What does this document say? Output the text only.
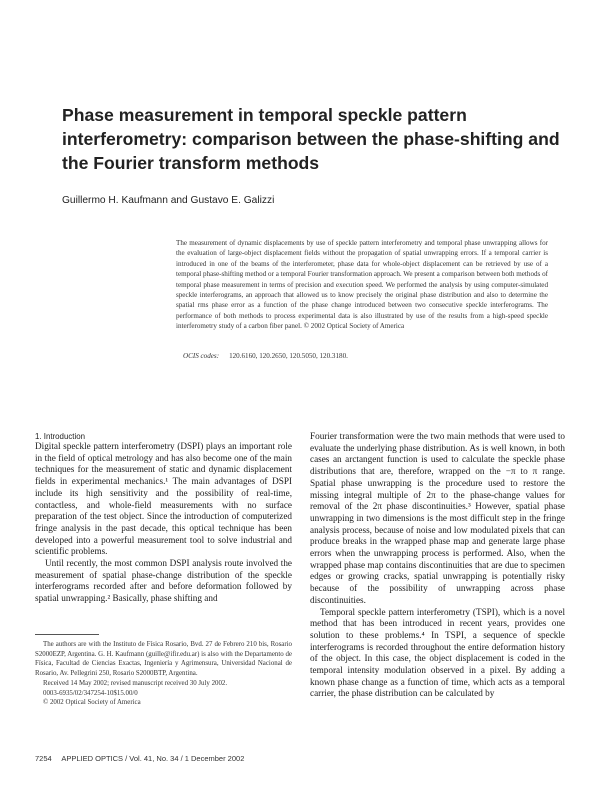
Phase measurement in temporal speckle pattern interferometry: comparison between the phase-shifting and the Fourier transform methods
Guillermo H. Kaufmann and Gustavo E. Galizzi

The measurement of dynamic displacements by use of speckle pattern interferometry and temporal phase unwrapping allows for the evaluation of large-object displacement fields without the propagation of spatial unwrapping errors. If a temporal carrier is introduced in one of the beams of the interferometer, phase data for whole-object displacement can be retrieved by use of a temporal phase-shifting method or a temporal Fourier transformation approach. We present a comparison between both methods of temporal phase measurement in terms of precision and execution speed. We performed the analysis by using computer-simulated speckle interferograms, an approach that allowed us to know precisely the original phase distribution and also to determine the spatial rms phase error as a function of the phase change introduced between two consecutive speckle interferograms. The performance of both methods to process experimental data is also illustrated by use of the results from a high-speed speckle interferometry study of a carbon fiber panel. © 2002 Optical Society of America

OCIS codes: 120.6160, 120.2650, 120.5050, 120.3180.
1. Introduction

Digital speckle pattern interferometry (DSPI) plays an important role in the field of optical metrology and has also become one of the main techniques for the measurement of static and dynamic displacement fields in experimental mechanics.¹ The main advantages of DSPI include its high sensitivity and the possibility of real-time, contactless, and whole-field measurements with no surface preparation of the test object. Since the introduction of computerized fringe analysis in the past decade, this optical technique has been developed into a powerful measurement tool to solve industrial and scientific problems.

Until recently, the most common DSPI analysis route involved the measurement of spatial phase-change distribution of the speckle interferograms recorded after and before deformation followed by spatial unwrapping.² Basically, phase shifting and

Fourier transformation were the two main methods that were used to evaluate the underlying phase distribution. As is well known, in both cases an arctangent function is used to calculate the speckle phase distributions that are, therefore, wrapped on the −π to π range. Spatial phase unwrapping is the procedure used to restore the missing integral multiple of 2π to the phase-change values for removal of the 2π phase discontinuities.³ However, spatial phase unwrapping in two dimensions is the most difficult step in the fringe analysis process, because of noise and low modulated pixels that can produce breaks in the wrapped phase map and generate large phase errors when the unwrapping process is performed. Also, when the wrapped phase map contains discontinuities that are due to specimen edges or growing cracks, spatial unwrapping is potentially risky because of the possibility of unwrapping across phase discontinuities.

Temporal speckle pattern interferometry (TSPI), which is a novel method that has been introduced in recent years, provides one solution to these problems.⁴ In TSPI, a sequence of speckle interferograms is recorded throughout the entire deformation history of the object. In this case, the object displacement is coded in the temporal intensity modulation observed in a pixel. By adding a known phase change as a function of time, which acts as a temporal carrier, the phase distribution can be calculated by

The authors are with the Instituto de Física Rosario, Bvd. 27 de Febrero 210 bis, Rosario S2000EZP, Argentina. G. H. Kaufmann (guille@ifir.edu.ar) is also with the Departamento de Física, Facultad de Ciencias Exactas, Ingeniería y Agrimensura, Universidad Nacional de Rosario, Av. Pellegrini 250, Rosario S2000BTP, Argentina.

Received 14 May 2002; revised manuscript received 30 July 2002.

0003-6935/02/347254-10$15.00/0

© 2002 Optical Society of America

7254 APPLIED OPTICS / Vol. 41, No. 34 / 1 December 2002
